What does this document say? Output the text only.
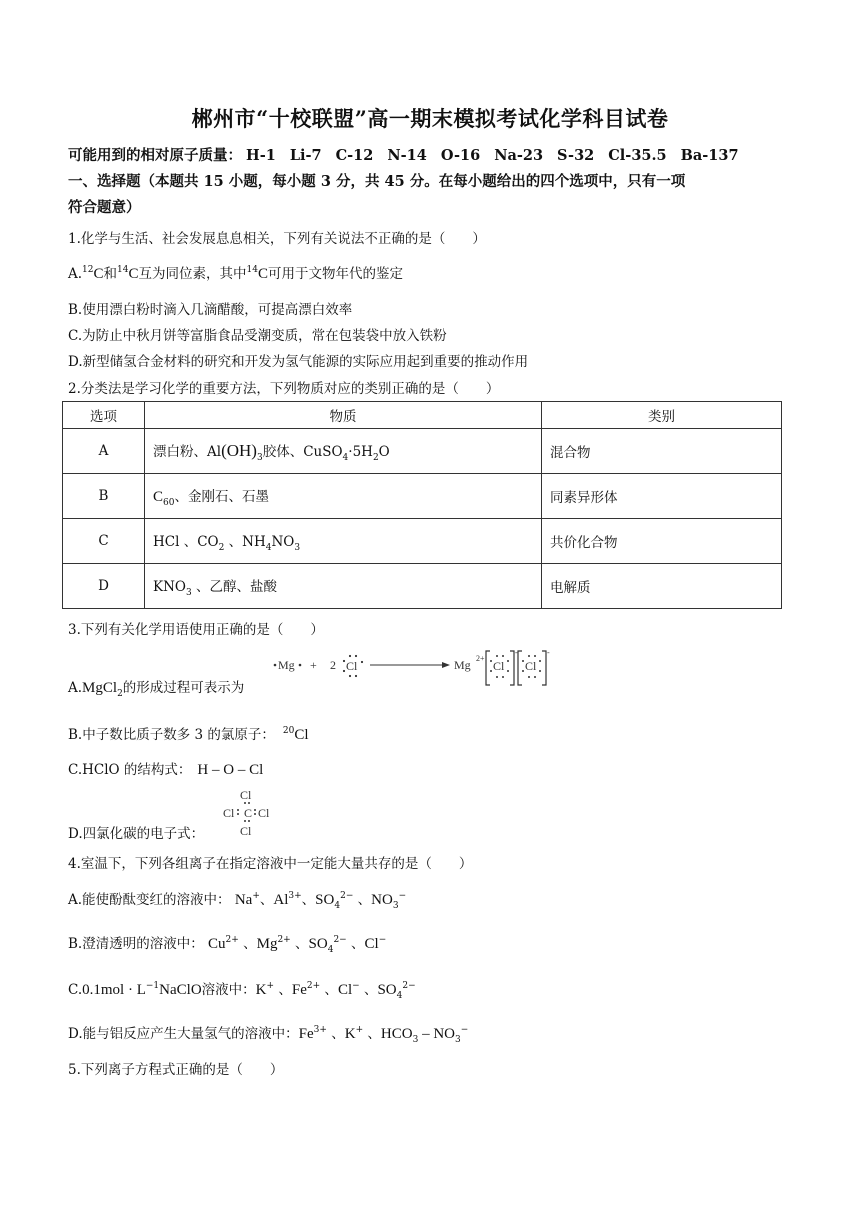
郴州市“十校联盟”高一期末模拟考试化学科目试卷
可能用到的相对原子质量： H-1 Li-7 C-12 N-14 O-16 Na-23 S-32 Cl-35.5 Ba-137
一、选择题（本题共 15 小题，每小题 3 分，共 45 分。在每小题给出的四个选项中，只有一项
符合题意）
1.化学与生活、社会发展息息相关，下列有关说法不正确的是（　　）
A.$^{12}$C和$^{14}$C互为同位素，其中$^{14}$C可用于文物年代的鉴定
B.使用漂白粉时滴入几滴醋酸，可提高漂白效率
C.为防止中秋月饼等富脂食品受潮变质，常在包装袋中放入铁粉
D.新型储氢合金材料的研究和开发为氢气能源的实际应用起到重要的推动作用
2.分类法是学习化学的重要方法，下列物质对应的类别正确的是（　　）
选项	物质	类别
A	漂白粉、$Al(OH)_3$胶体、$CuSO_4\cdot 5H_2O$	混合物
B	$C_{60}$、金刚石、石墨	同素异形体
C	HCl 、$CO_2$ 、$NH_4NO_3$	共价化合物
D	$KNO_3$ 、乙醇、盐酸	电解质
3.下列有关化学用语使用正确的是（　　）
A.MgCl$_2$的形成过程可表示为
Mg + 2 Cl	Mg 2+
Cl
-
Cl
-
B.中子数比质子数多 3 的氯原子： $^{20}$Cl
C.HClO 的结构式： H – O – Cl
D.四氯化碳的电子式：
Cl
Cl C Cl
Cl
4.室温下，下列各组离子在指定溶液中一定能大量共存的是（　　）
A.能使酚酞变红的溶液中： Na+、$Al^{3+}$、$SO_4^{2-}$ 、$NO_3^-$
B.澄清透明的溶液中： $Cu^{2+}$ 、$Mg^{2+}$ 、$SO_4^{2-}$ 、Cl−
$C.0.1mol \cdot L^{-1}NaClO$溶液中：K+ 、$Fe^{2+}$ 、Cl− 、$SO_4^{2-}$
D.能与铝反应产生大量氢气的溶液中：$Fe^{3+}$ 、K+ 、$HCO_3 - NO_3^-$
5.下列离子方程式正确的是（　　）
